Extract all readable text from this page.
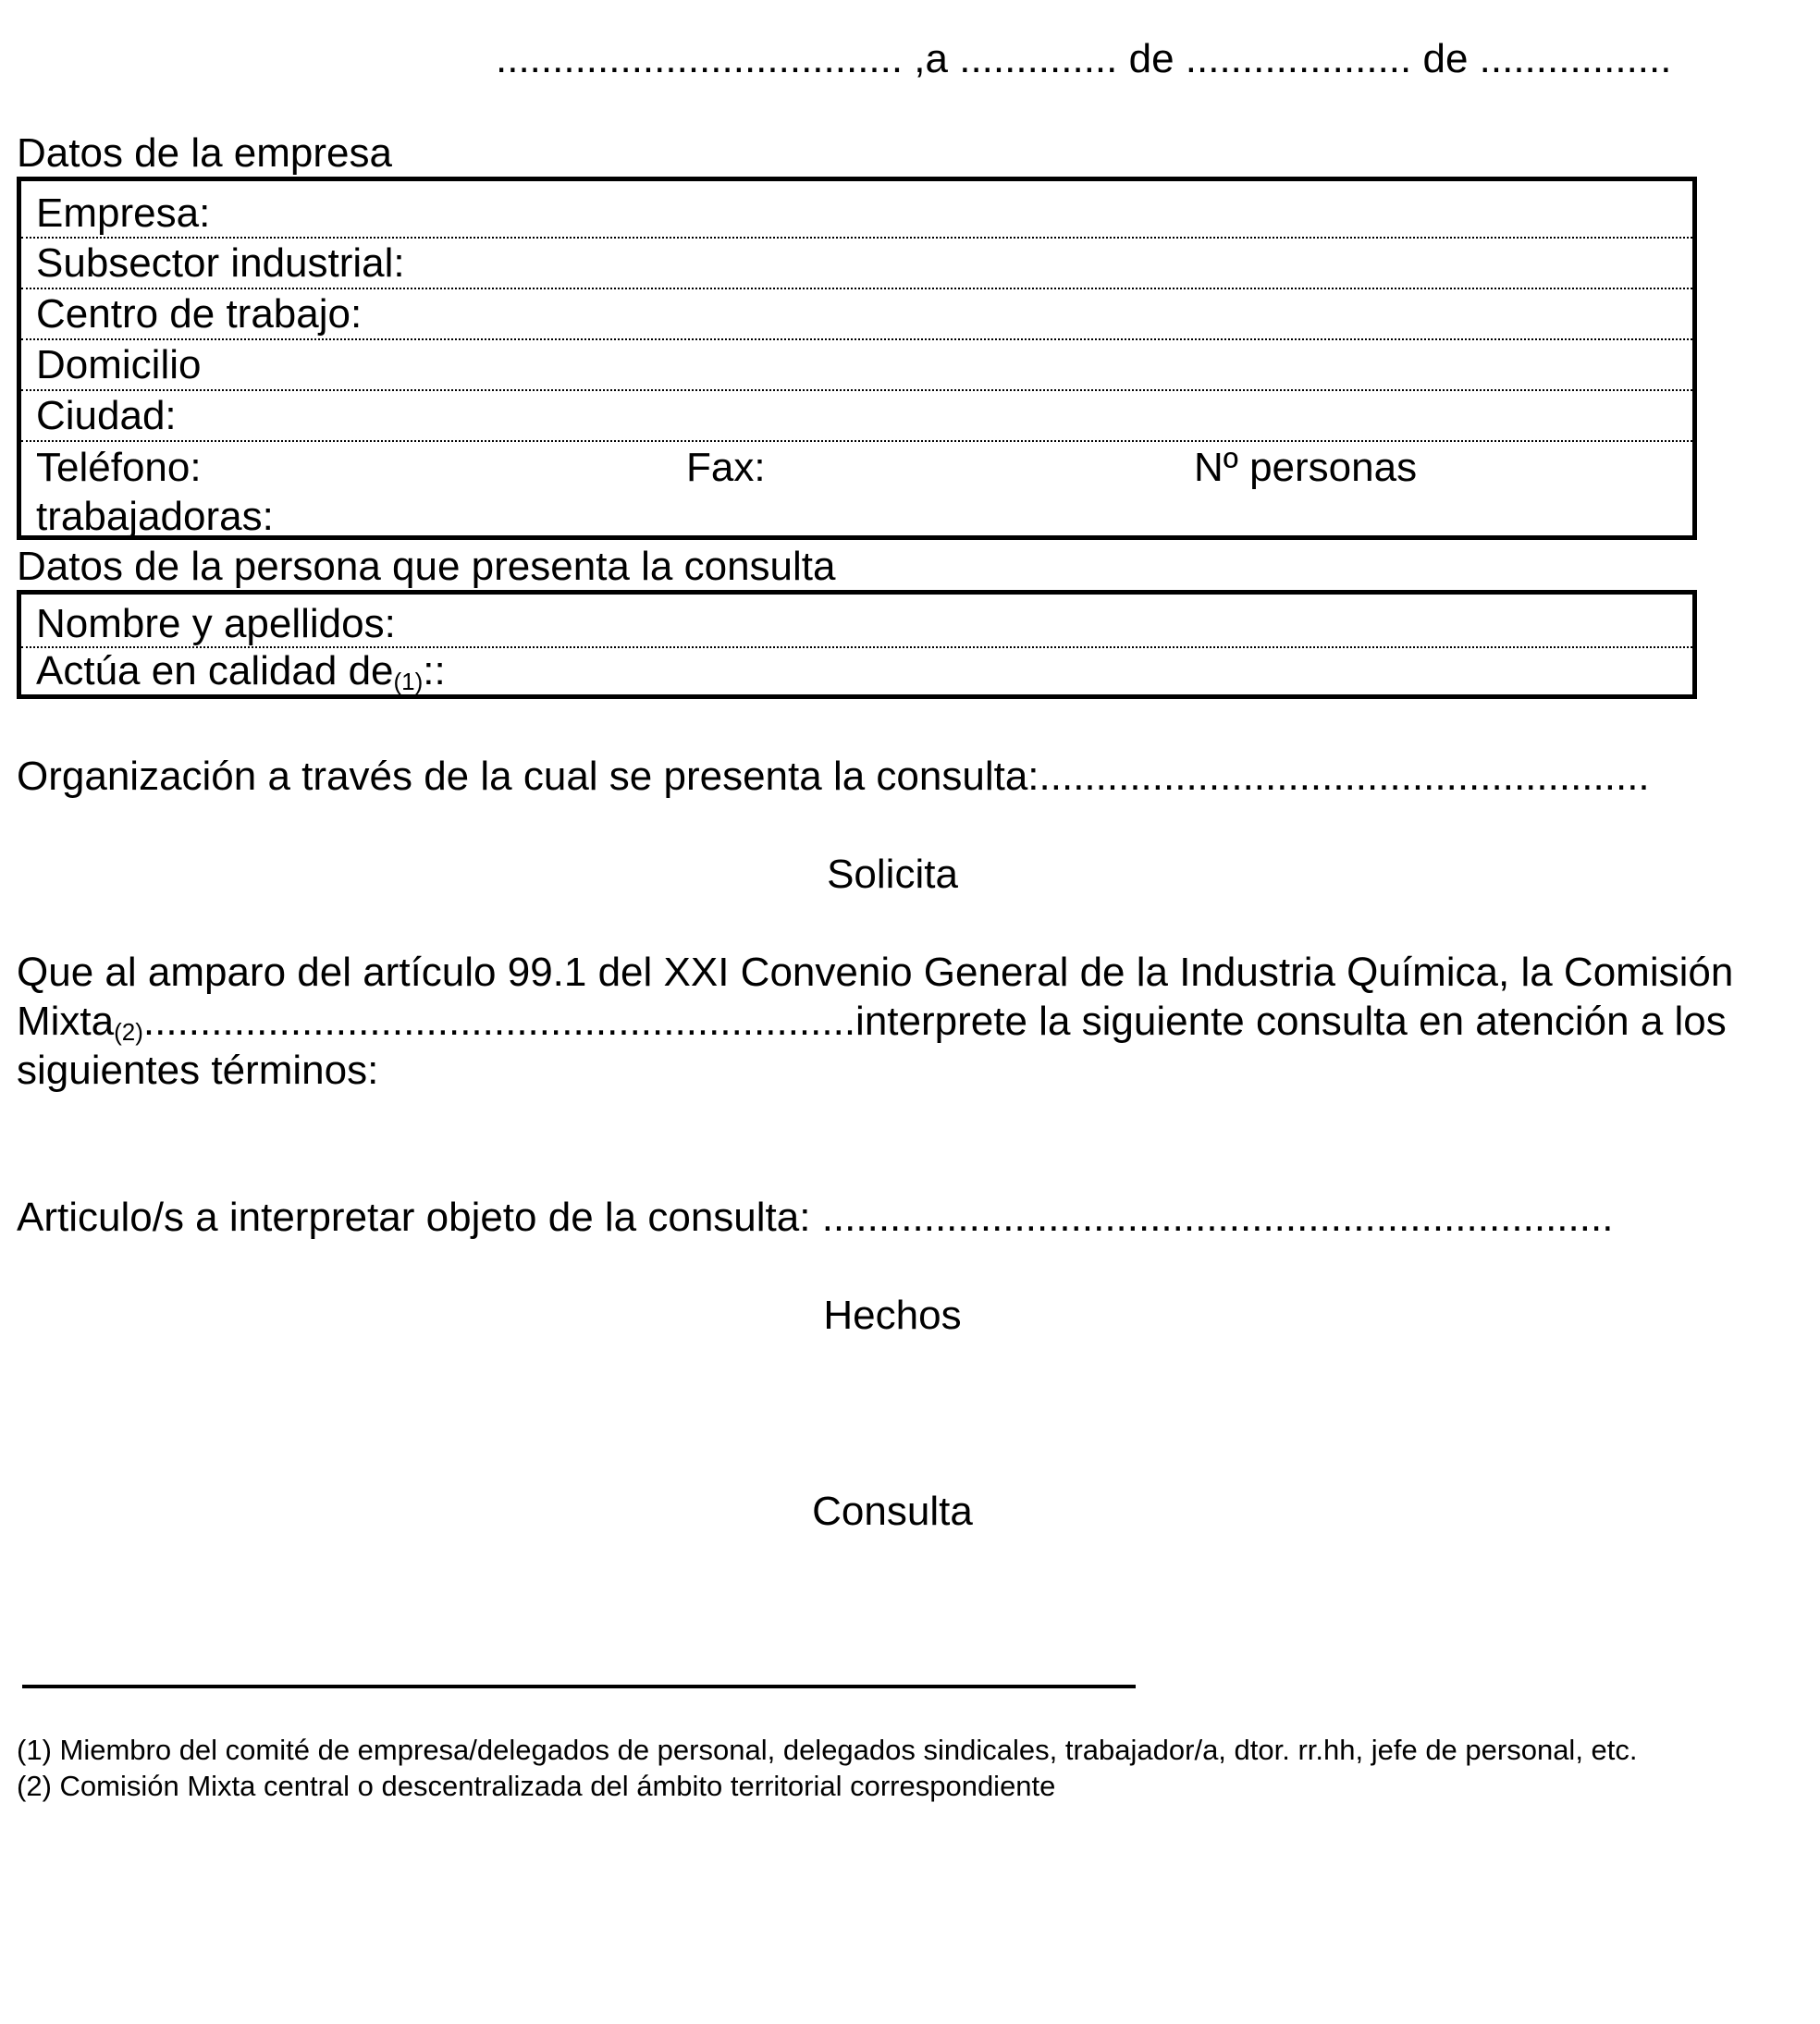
.................................... ,a .............. de .................... de .................
Datos de la empresa
Empresa:
Subsector industrial:
Centro de trabajo:
Domicilio
Ciudad:
Teléfono:	Fax:	Nº personas
trabajadoras:
Datos de la persona que presenta la consulta
Nombre y apellidos:
Actúa en calidad $de_{(1)}$::
Organización a través de la cual se presenta la consulta:......................................................
Solicita
Que al amparo del artículo 99.1 del XXI Convenio General de la Industria Química, la Comisión
Mixta$_{(2)}$...............................................................interprete la siguiente consulta en atención a los
siguientes términos:
Articulo/s a interpretar objeto de la consulta: ......................................................................
Hechos
Consulta
(1) Miembro del comité de empresa/delegados de personal, delegados sindicales, trabajador/a, dtor. rr.hh, jefe de personal, etc.
(2) Comisión Mixta central o descentralizada del ámbito territorial correspondiente
